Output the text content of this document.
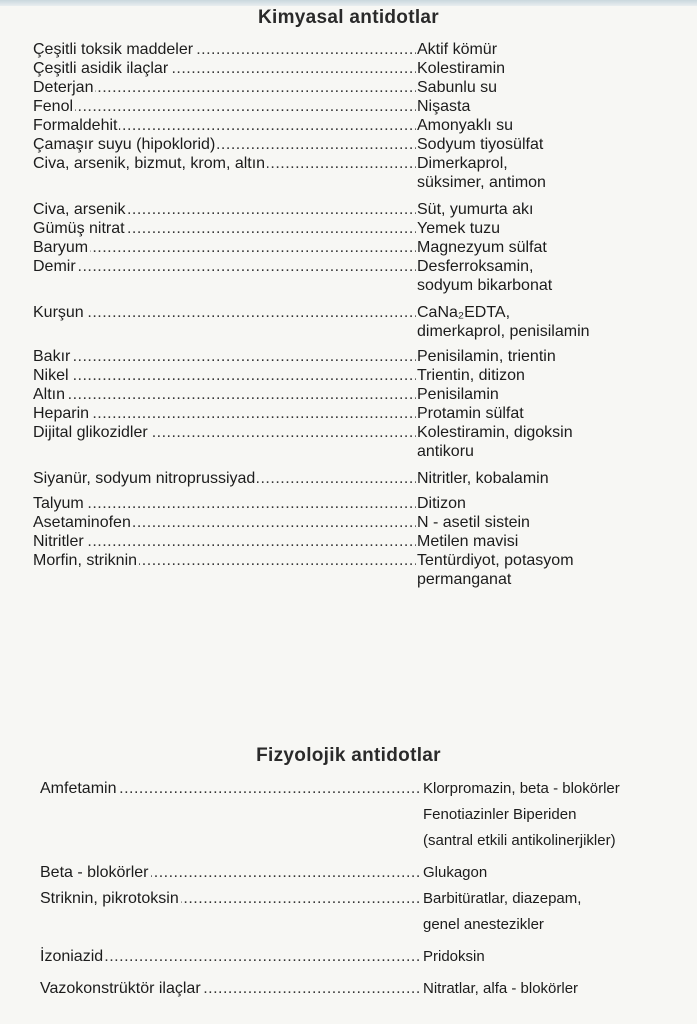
Kimyasal antidotlar
Çeşitli toksik maddeler .....	Aktif kömür
Çeşitli asidik ilaçlar .....	Kolestiramin
Deterjan .....	Sabunlu su
Fenol .....	Nişasta
Formaldehit .....	Amonyaklı su
Çamaşır suyu (hipoklorid) .....	Sodyum tiyosülfat
Civa, arsenik, bizmut, krom, altın .....	Dimerkaprol,
süksimer, antimon
Civa, arsenik .....	Süt, yumurta akı
Gümüş nitrat .....	Yemek tuzu
Baryum .....	Magnezyum sülfat
Demir .....	Desferroksamin,
sodyum bikarbonat
Kurşun .....	CaNa₂EDTA,
dimerkaprol, penisilamin
Bakır .....	Penisilamin, trientin
Nikel .....	Trientin, ditizon
Altın .....	Penisilamin
Heparin .....	Protamin sülfat
Dijital glikozidler .....	Kolestiramin, digoksin
antikoru
Siyanür, sodyum nitroprussiyad .....	Nitritler, kobalamin
Talyum .....	Ditizon
Asetaminofen .....	N - asetil sistein
Nitritler .....	Metilen mavisi
Morfin, striknin .....	Tentürdiyot, potasyom
permanganat
Fizyolojik antidotlar
Amfetamin .....	Klorpromazin, beta - blokörler
Fenotiazinler Biperiden
(santral etkili antikolinerjikler)
Beta - blokörler .....	Glukagon
Striknin, pikrotoksin .....	Barbitüratlar, diazepam,
genel anestezikler
İzoniazid .....	Pridoksin
Vazokonstrüktör ilaçlar .....	Nitratlar, alfa - blokörler
